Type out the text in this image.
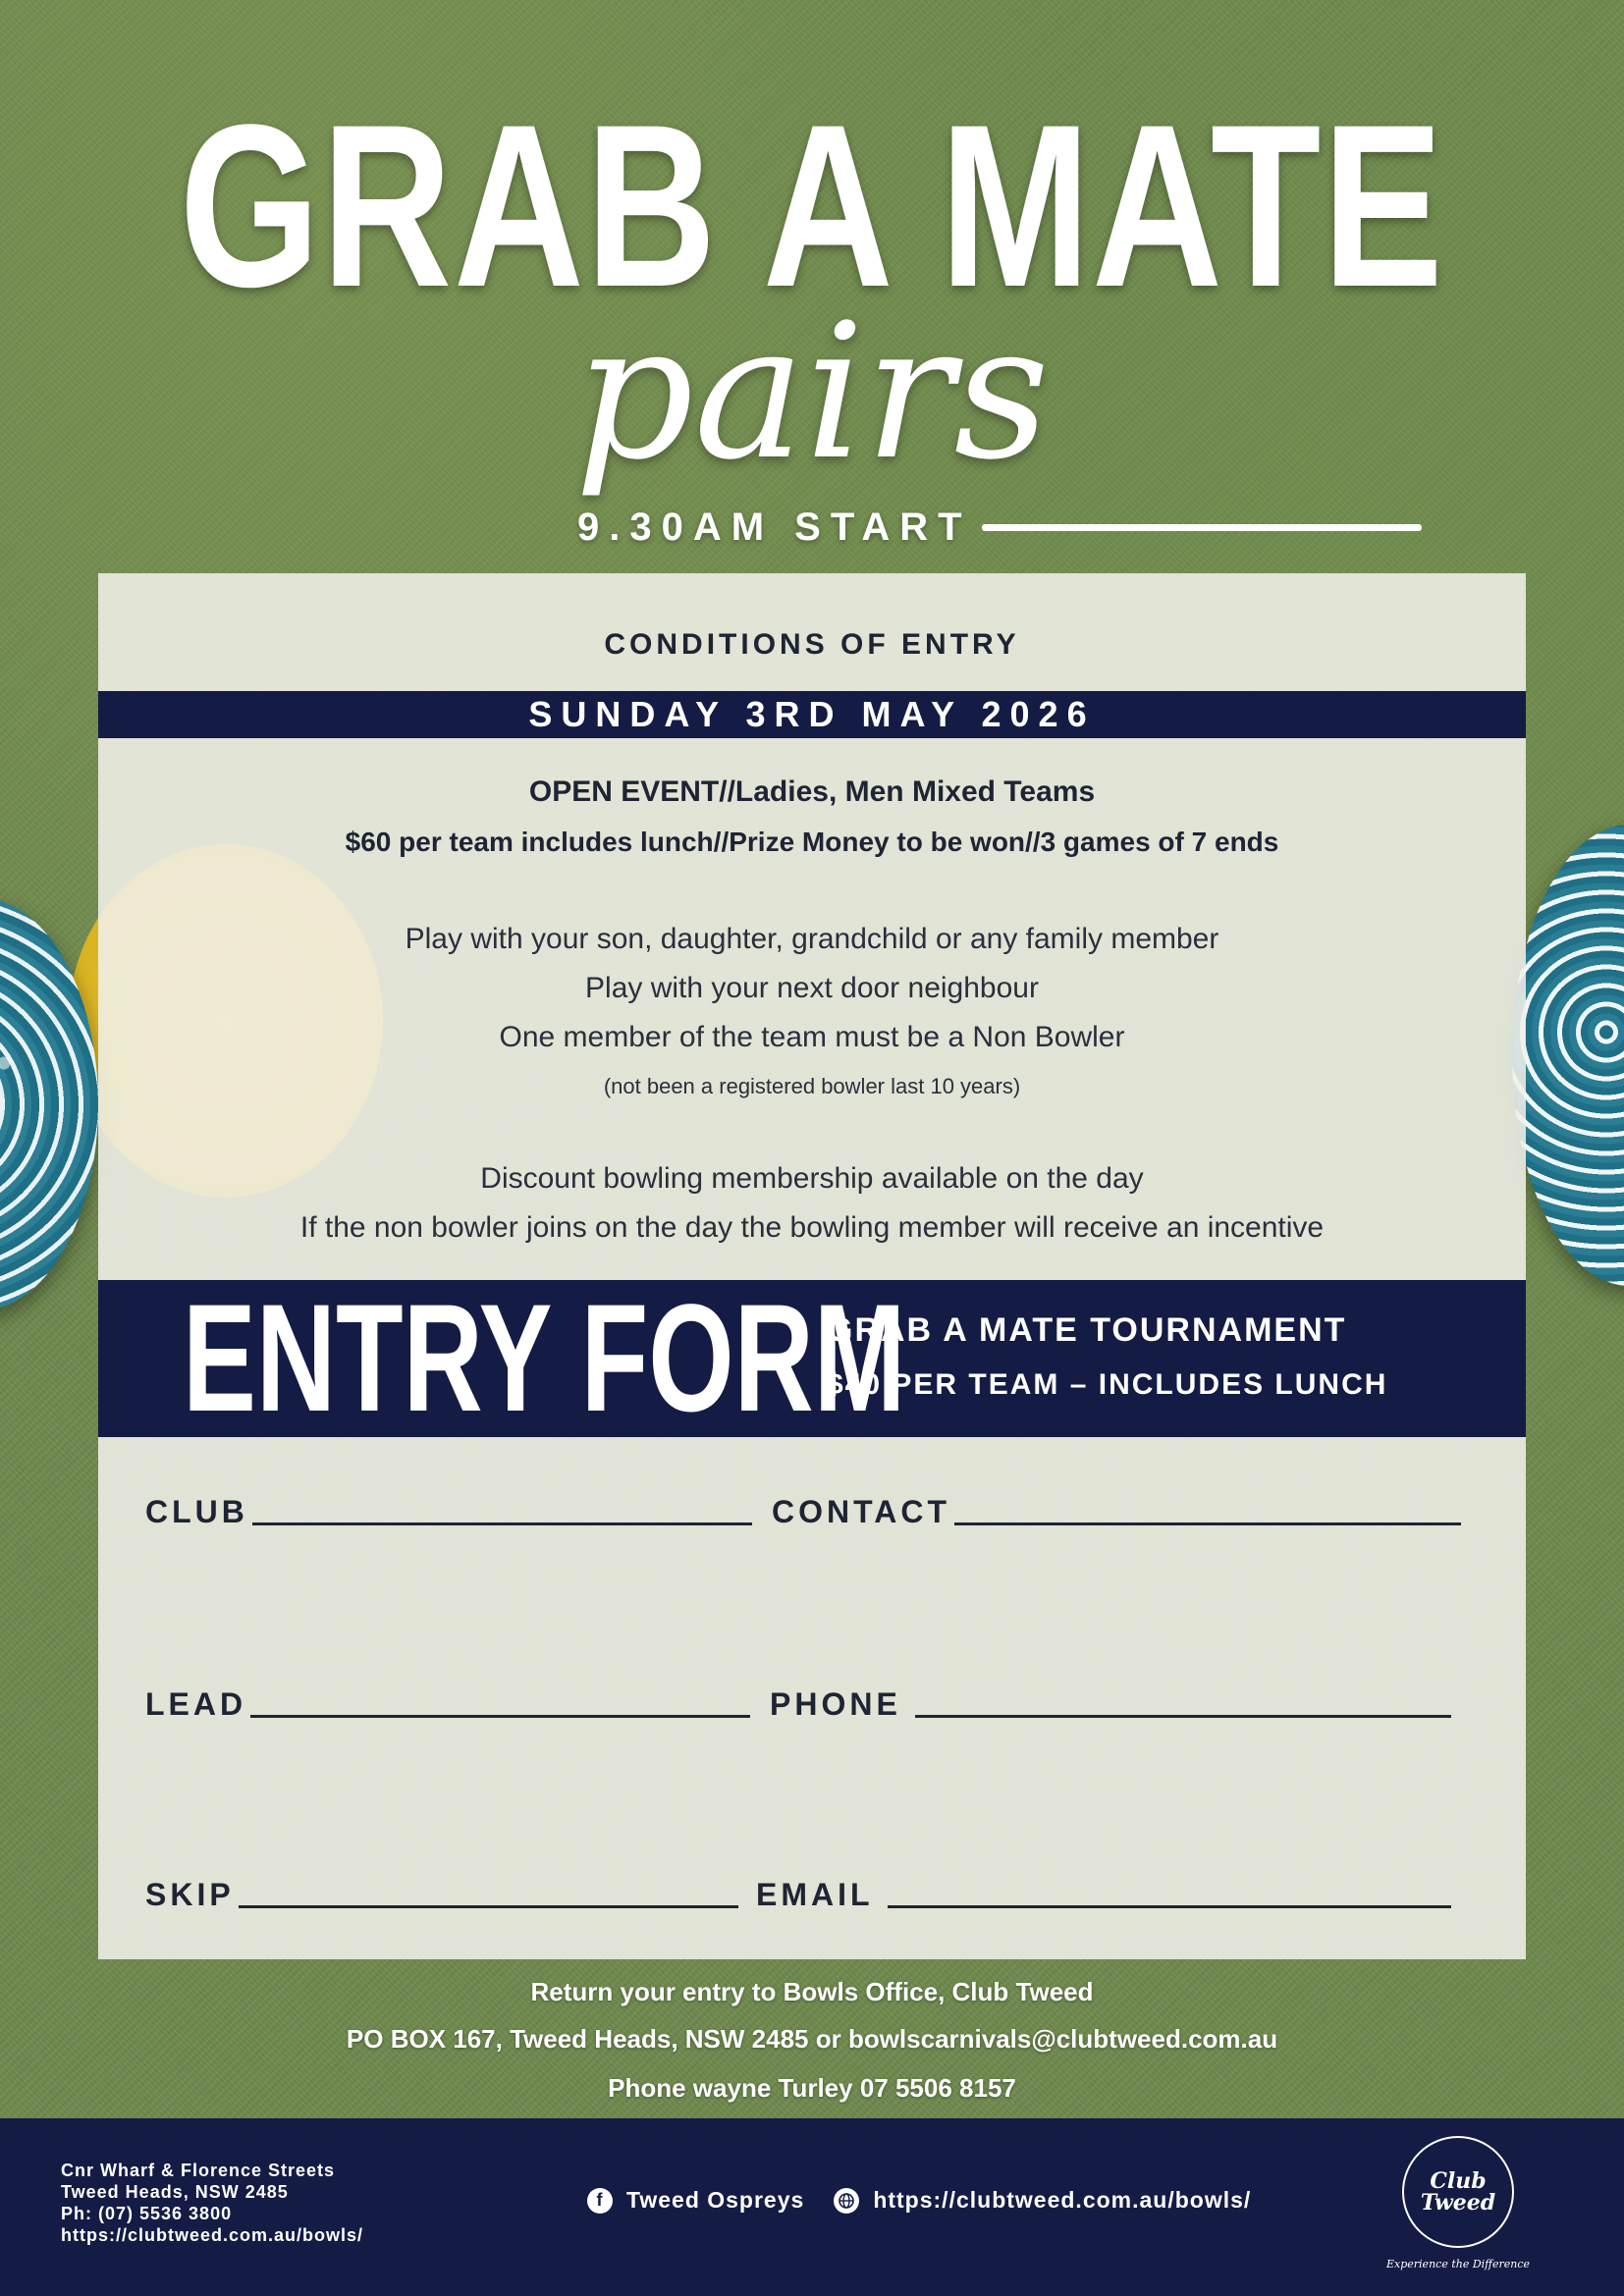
GRAB A MATE
pairs
9.30AM START
CONDITIONS OF ENTRY
SUNDAY 3RD MAY 2026
OPEN EVENT//Ladies, Men Mixed Teams
$60 per team includes lunch//Prize Money to be won//3 games of 7 ends
Play with your son, daughter, grandchild or any family member
Play with your next door neighbour
One member of the team must be a Non Bowler
(not been a registered bowler last 10 years)
Discount bowling membership available on the day
If the non bowler joins on the day the bowling member will receive an incentive
ENTRY FORM
GRAB A MATE TOURNAMENT
$40 PER TEAM – INCLUDES LUNCH
CLUB	CONTACT
LEAD	PHONE
SKIP	EMAIL
Return your entry to Bowls Office, Club Tweed
PO BOX 167, Tweed Heads, NSW 2485 or bowlscarnivals@clubtweed.com.au
Phone wayne Turley 07 5506 8157
Cnr Wharf & Florence Streets
Tweed Heads, NSW 2485
Ph: (07) 5536 3800
https://clubtweed.com.au/bowls/
f	Tweed Ospreys	https://clubtweed.com.au/bowls/
Club
Tweed
Experience the Difference
